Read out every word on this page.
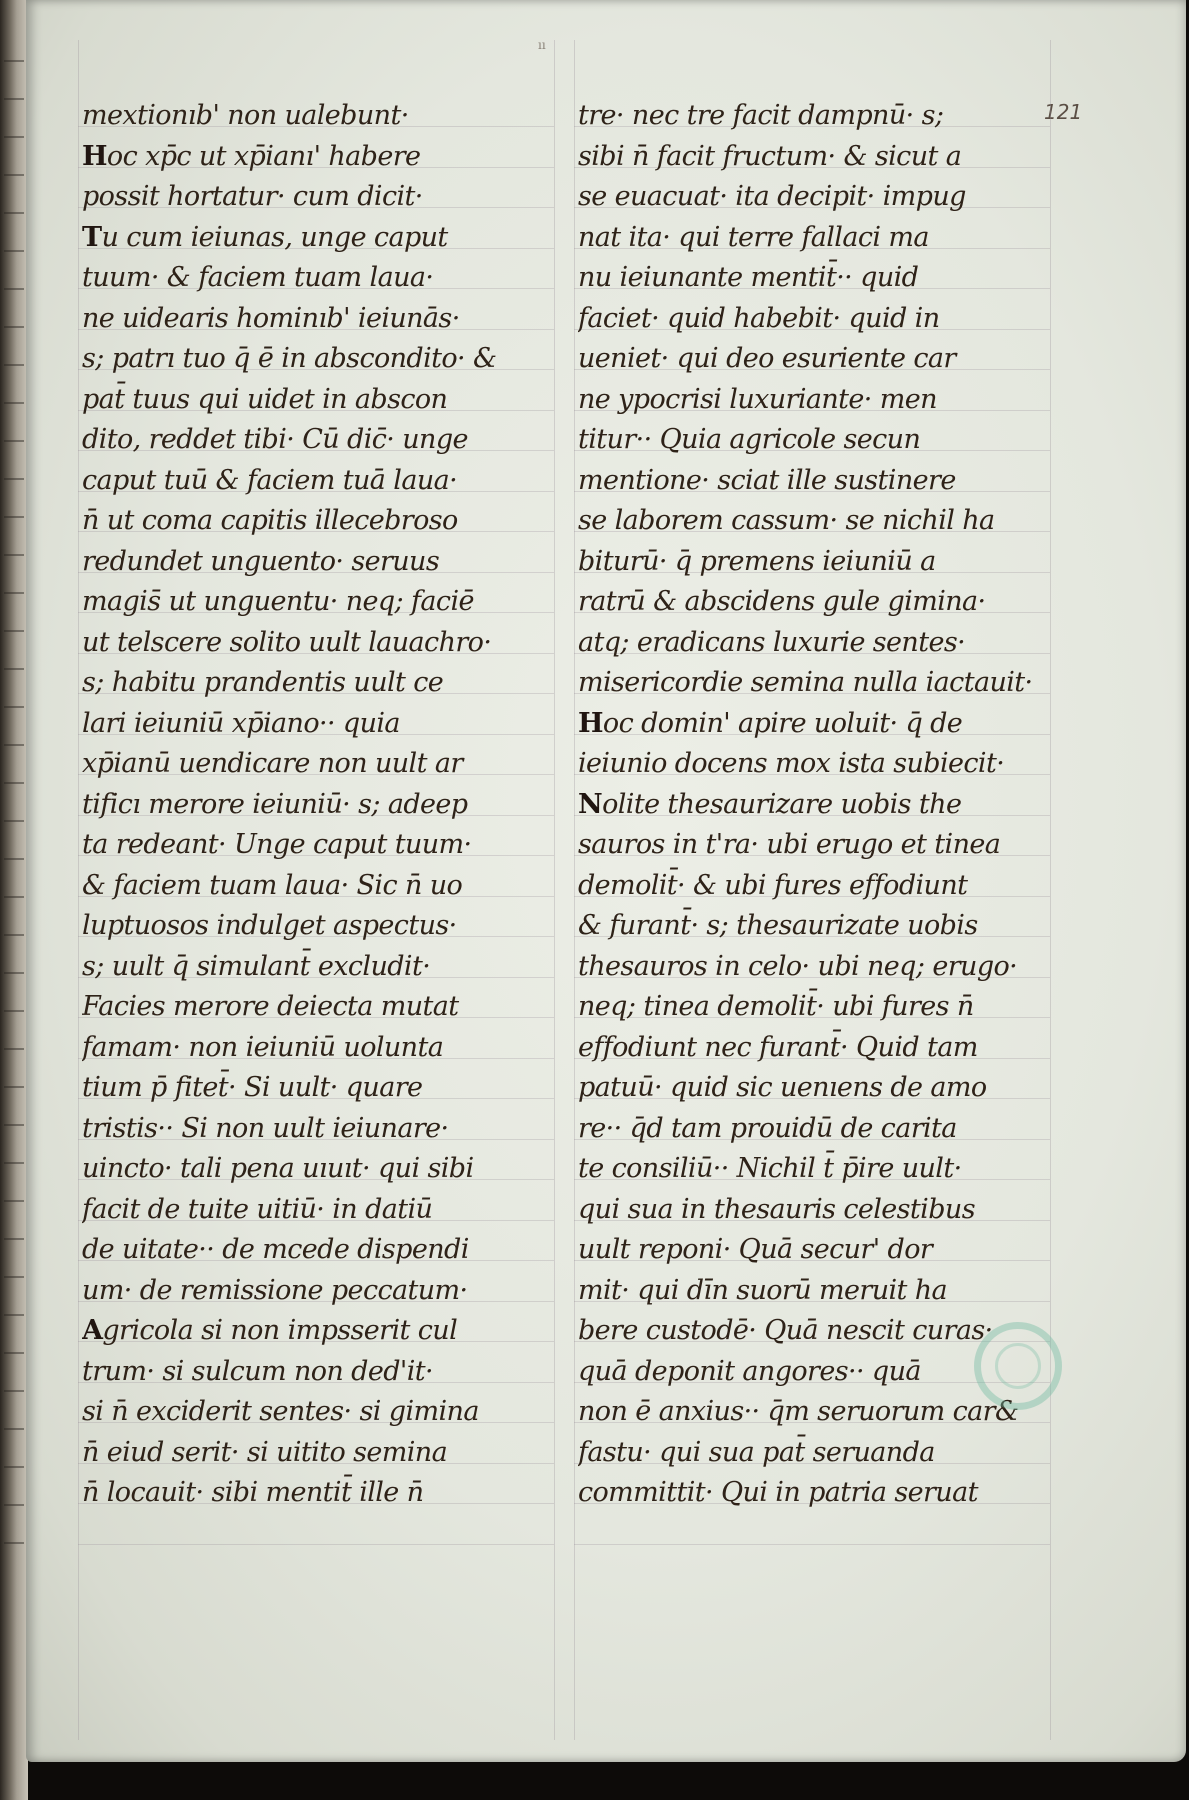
ıı
121
mextionıb' non ualebunt·
Hoc xp̄c ut xp̄ianı' habere
possit hortatur· cum dicit·
Tu cum ieiunas, unge caput
tuum· & faciem tuam laua·
ne uidearis hominıb' ieiunās·
s; patrı tuo q̄ ē in abscondito· &
pat̄ tuus qui uidet in abscon
dito, reddet tibi· Cū dic̄· unge
caput tuū & faciem tuā laua·
n̄ ut coma capitis illecebroso
redundet unguento· seruus
magis̄ ut unguentu· neq; faciē
ut telscere solito uult lauachro·
s; habitu prandentis uult ce
lari ieiuniū xp̄iano·· quia
xp̄ianū uendicare non uult ar
tificı merore ieiuniū· s; adeep
ta redeant· Unge caput tuum·
& faciem tuam laua· Sic n̄ uo
luptuosos indulget aspectus·
s; uult q̄ simulant̄ excludit·
Facies merore deiecta mutat
famam· non ieiuniū uolunta
tium p̄ fitet̄· Si uult· quare
tristis·· Si non uult ieiunare·
uincto· tali pena uıuıt· qui sibi
facit de tuite uitiū· in datiū
de uitate·· de mcede dispendi
um· de remissione peccatum·
Agricola si non impsserit cul
trum· si sulcum non ded'it·
si n̄ exciderit sentes· si gimina
n̄ eiud serit· si uitito semina
n̄ locauit· sibi mentit̄ ille n̄
tre· nec tre facit dampnū· s;
sibi n̄ facit fructum· & sicut a
se euacuat· ita decipit· impug
nat ita· qui terre fallaci ma
nu ieiunante mentit̄·· quid
faciet· quid habebit· quid in
ueniet· qui deo esuriente car
ne ypocrisi luxuriante· men
titur·· Quia agricole secun
mentione· sciat ille sustinere
se laborem cassum· se nichil ha
biturū· q̄ premens ieiuniū a
ratrū & abscidens gule gimina·
atq; eradicans luxurie sentes·
misericordie semina nulla iactauit·
Hoc domin' apire uoluit· q̄ de
ieiunio docens mox ista subiecit·
Nolite thesaurizare uobis the
sauros in t'ra· ubi erugo et tinea
demolit̄· & ubi fures effodiunt
& furant̄· s; thesaurizate uobis
thesauros in celo· ubi neq; erugo·
neq; tinea demolit̄· ubi fures n̄
effodiunt nec furant̄· Quid tam
patuū· quid sic uenıens de amo
re·· q̄d tam prouidū de carita
te consiliū·· Nichil t̄ p̄ire uult·
qui sua in thesauris celestibus
uult reponi· Quā secur' dor
mit· qui dīn suorū meruit ha
bere custodē· Quā nescit curas·
quā deponit angores·· quā
non ē anxius·· q̄m seruorum car&
fastu· qui sua pat̄ seruanda
committit· Qui in patria seruat
